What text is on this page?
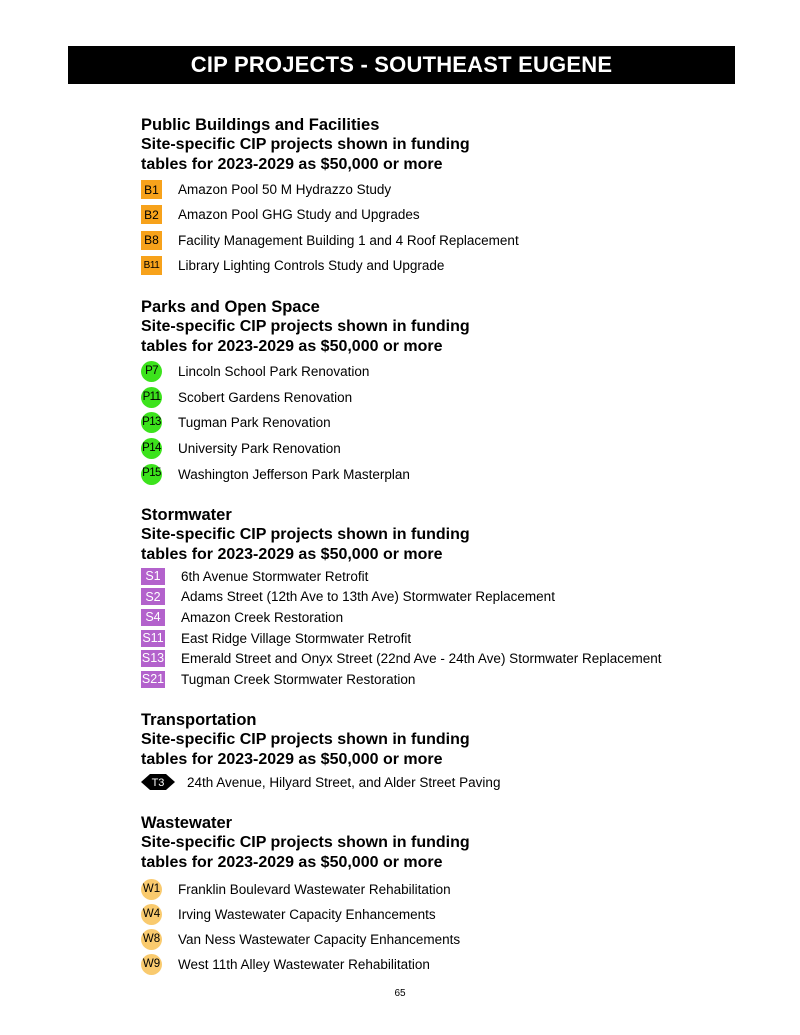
CIP PROJECTS - SOUTHEAST EUGENE
Public Buildings and Facilities
Site-specific CIP projects shown in funding
tables for 2023-2029 as $50,000 or more
B1 Amazon Pool 50 M Hydrazzo Study
B2 Amazon Pool GHG Study and Upgrades
B8 Facility Management Building 1 and 4 Roof Replacement
B11 Library Lighting Controls Study and Upgrade
Parks and Open Space
Site-specific CIP projects shown in funding
tables for 2023-2029 as $50,000 or more
P7	Lincoln School Park Renovation
P11 Scobert Gardens Renovation
P13 Tugman Park Renovation
P14 University Park Renovation
P15 Washington Jefferson Park Masterplan
Stormwater
Site-specific CIP projects shown in funding
tables for 2023-2029 as $50,000 or more
S1	6th Avenue Stormwater Retrofit
S2	Adams Street (12th Ave to 13th Ave) Stormwater Replacement
S4	Amazon Creek Restoration
S11 East Ridge Village Stormwater Retrofit
S13 Emerald Street and Onyx Street (22nd Ave - 24th Ave) Stormwater Replacement
S21 Tugman Creek Stormwater Restoration
Transportation
Site-specific CIP projects shown in funding
tables for 2023-2029 as $50,000 or more
T3 24th Avenue, Hilyard Street, and Alder Street Paving
Wastewater
Site-specific CIP projects shown in funding
tables for 2023-2029 as $50,000 or more
W1 Franklin Boulevard Wastewater Rehabilitation
W4 Irving Wastewater Capacity Enhancements
W8 Van Ness Wastewater Capacity Enhancements
W9 West 11th Alley Wastewater Rehabilitation
65
